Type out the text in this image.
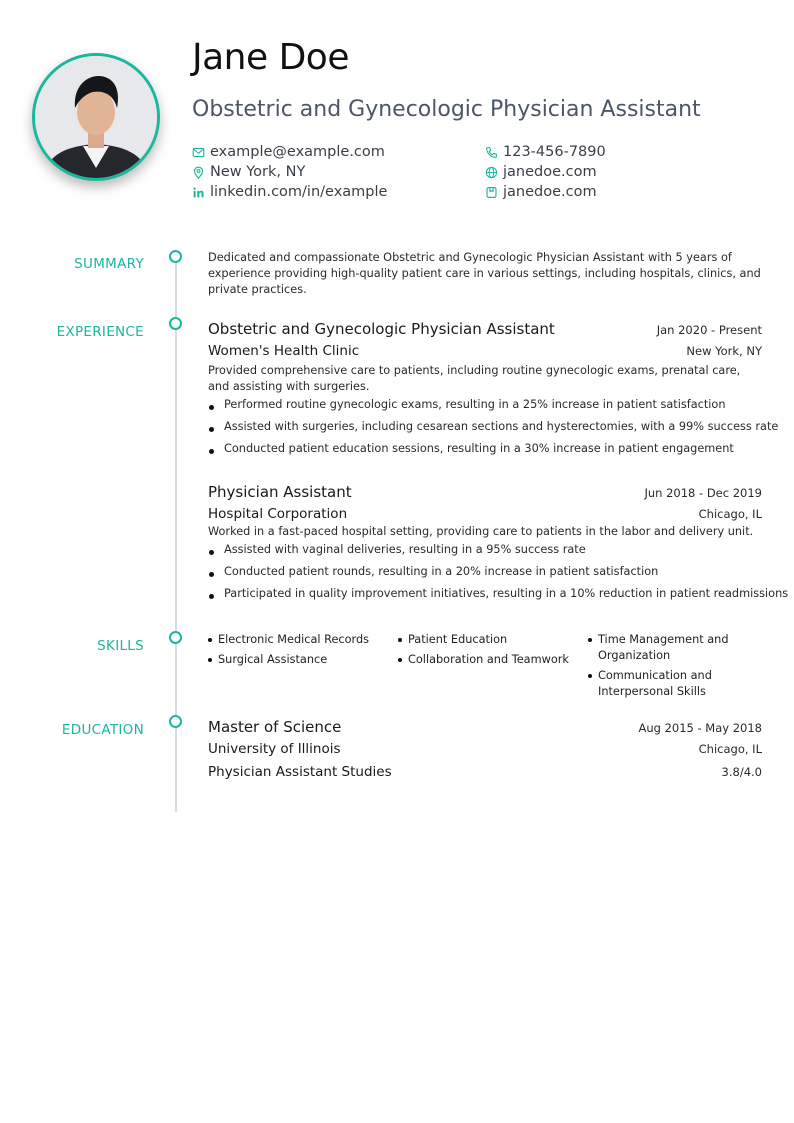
Jane Doe
Obstetric and Gynecologic Physician Assistant
example@example.com	123-456-7890
New York, NY	janedoe.com
linkedin.com/in/example	janedoe.com
SUMMARY	Dedicated and compassionate Obstetric and Gynecologic Physician Assistant with 5 years of experience providing high-quality patient care in various settings, including hospitals, clinics, and private practices.

EXPERIENCE	Obstetric and Gynecologic Physician Assistant	Jan 2020 - Present
Women's Health Clinic	New York, NY

Provided comprehensive care to patients, including routine gynecologic exams, prenatal care, and assisting with surgeries.

Performed routine gynecologic exams, resulting in a 25% increase in patient satisfaction
Assisted with surgeries, including cesarean sections and hysterectomies, with a 99% success rate
Conducted patient education sessions, resulting in a 30% increase in patient engagement
Physician Assistant	Jun 2018 - Dec 2019
Hospital Corporation	Chicago, IL

Worked in a fast-paced hospital setting, providing care to patients in the labor and delivery unit.

Assisted with vaginal deliveries, resulting in a 95% success rate
Conducted patient rounds, resulting in a 20% increase in patient satisfaction
Participated in quality improvement initiatives, resulting in a 10% reduction in patient readmissions
SKILLS	Electronic Medical Records
Surgical Assistance
Patient Education
Collaboration and Teamwork
Time Management and Organization
Communication and Interpersonal Skills
EDUCATION	Master of Science	Aug 2015 - May 2018
University of Illinois	Chicago, IL
Physician Assistant Studies	3.8/4.0
